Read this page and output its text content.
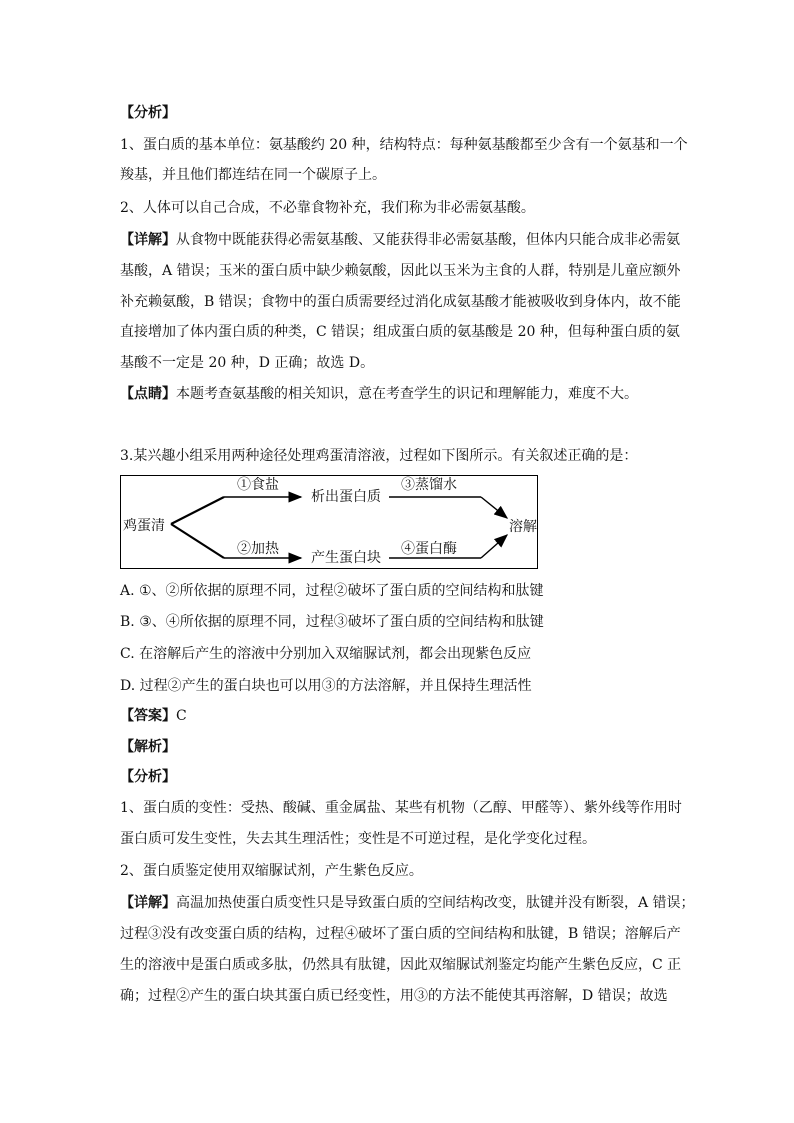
【分析】
1、蛋白质的基本单位：氨基酸约 20 种，结构特点：每种氨基酸都至少含有一个氨基和一个
羧基，并且他们都连结在同一个碳原子上。
2、人体可以自己合成，不必靠食物补充，我们称为非必需氨基酸。
【详解】从食物中既能获得必需氨基酸、又能获得非必需氨基酸，但体内只能合成非必需氨
基酸，A 错误；玉米的蛋白质中缺少赖氨酸，因此以玉米为主食的人群，特别是儿童应额外
补充赖氨酸，B 错误；食物中的蛋白质需要经过消化成氨基酸才能被吸收到身体内，故不能
直接增加了体内蛋白质的种类，C 错误；组成蛋白质的氨基酸是 20 种，但每种蛋白质的氨
基酸不一定是 20 种，D 正确；故选 D。
【点睛】本题考查氨基酸的相关知识，意在考查学生的识记和理解能力，难度不大。
3.某兴趣小组采用两种途径处理鸡蛋清溶液，过程如下图所示。有关叙述正确的是：
鸡蛋清
①食盐
②加热
析出蛋白质
产生蛋白块
③蒸馏水
④蛋白酶
溶解
A. ①、②所依据的原理不同，过程②破坏了蛋白质的空间结构和肽键
B. ③、④所依据的原理不同，过程③破坏了蛋白质的空间结构和肽键
C. 在溶解后产生的溶液中分别加入双缩脲试剂，都会出现紫色反应
D. 过程②产生的蛋白块也可以用③的方法溶解，并且保持生理活性
【答案】C
【解析】
【分析】
1、蛋白质的变性：受热、酸碱、重金属盐、某些有机物（乙醇、甲醛等）、紫外线等作用时
蛋白质可发生变性，失去其生理活性；变性是不可逆过程，是化学变化过程。
2、蛋白质鉴定使用双缩脲试剂，产生紫色反应。
【详解】高温加热使蛋白质变性只是导致蛋白质的空间结构改变，肽键并没有断裂，A 错误；
过程③没有改变蛋白质的结构，过程④破坏了蛋白质的空间结构和肽键，B 错误；溶解后产
生的溶液中是蛋白质或多肽，仍然具有肽键，因此双缩脲试剂鉴定均能产生紫色反应，C 正
确；过程②产生的蛋白块其蛋白质已经变性，用③的方法不能使其再溶解，D 错误；故选
